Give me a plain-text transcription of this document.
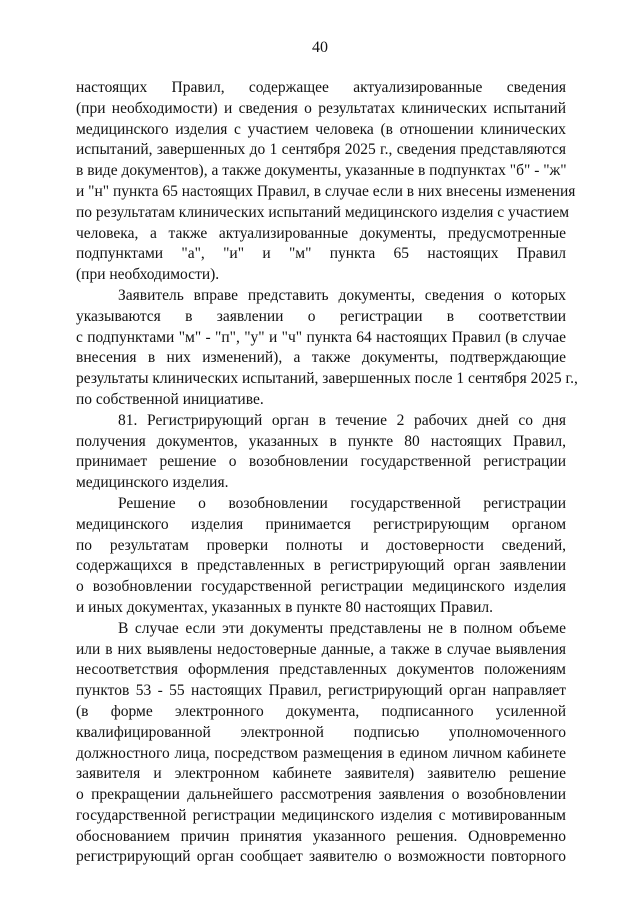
40
настоящих Правил, содержащее актуализированные сведения
(при необходимости) и сведения о результатах клинических испытаний
медицинского изделия с участием человека (в отношении клинических
испытаний, завершенных до 1 сентября 2025 г., сведения представляются
в виде документов), а также документы, указанные в подпунктах "б" - "ж"
и "н" пункта 65 настоящих Правил, в случае если в них внесены изменения
по результатам клинических испытаний медицинского изделия с участием
человека, а также актуализированные документы, предусмотренные
подпунктами "а", "и" и "м" пункта 65 настоящих Правил
(при необходимости).
Заявитель вправе представить документы, сведения о которых
указываются в заявлении о регистрации в соответствии
с подпунктами "м" - "п", "у" и "ч" пункта 64 настоящих Правил (в случае
внесения в них изменений), а также документы, подтверждающие
результаты клинических испытаний, завершенных после 1 сентября 2025 г.,
по собственной инициативе.
81. Регистрирующий орган в течение 2 рабочих дней со дня
получения документов, указанных в пункте 80 настоящих Правил,
принимает решение о возобновлении государственной регистрации
медицинского изделия.
Решение о возобновлении государственной регистрации
медицинского изделия принимается регистрирующим органом
по результатам проверки полноты и достоверности сведений,
содержащихся в представленных в регистрирующий орган заявлении
о возобновлении государственной регистрации медицинского изделия
и иных документах, указанных в пункте 80 настоящих Правил.
В случае если эти документы представлены не в полном объеме
или в них выявлены недостоверные данные, а также в случае выявления
несоответствия оформления представленных документов положениям
пунктов 53 - 55 настоящих Правил, регистрирующий орган направляет
(в форме электронного документа, подписанного усиленной
квалифицированной электронной подписью уполномоченного
должностного лица, посредством размещения в едином личном кабинете
заявителя и электронном кабинете заявителя) заявителю решение
о прекращении дальнейшего рассмотрения заявления о возобновлении
государственной регистрации медицинского изделия с мотивированным
обоснованием причин принятия указанного решения. Одновременно
регистрирующий орган сообщает заявителю о возможности повторного
